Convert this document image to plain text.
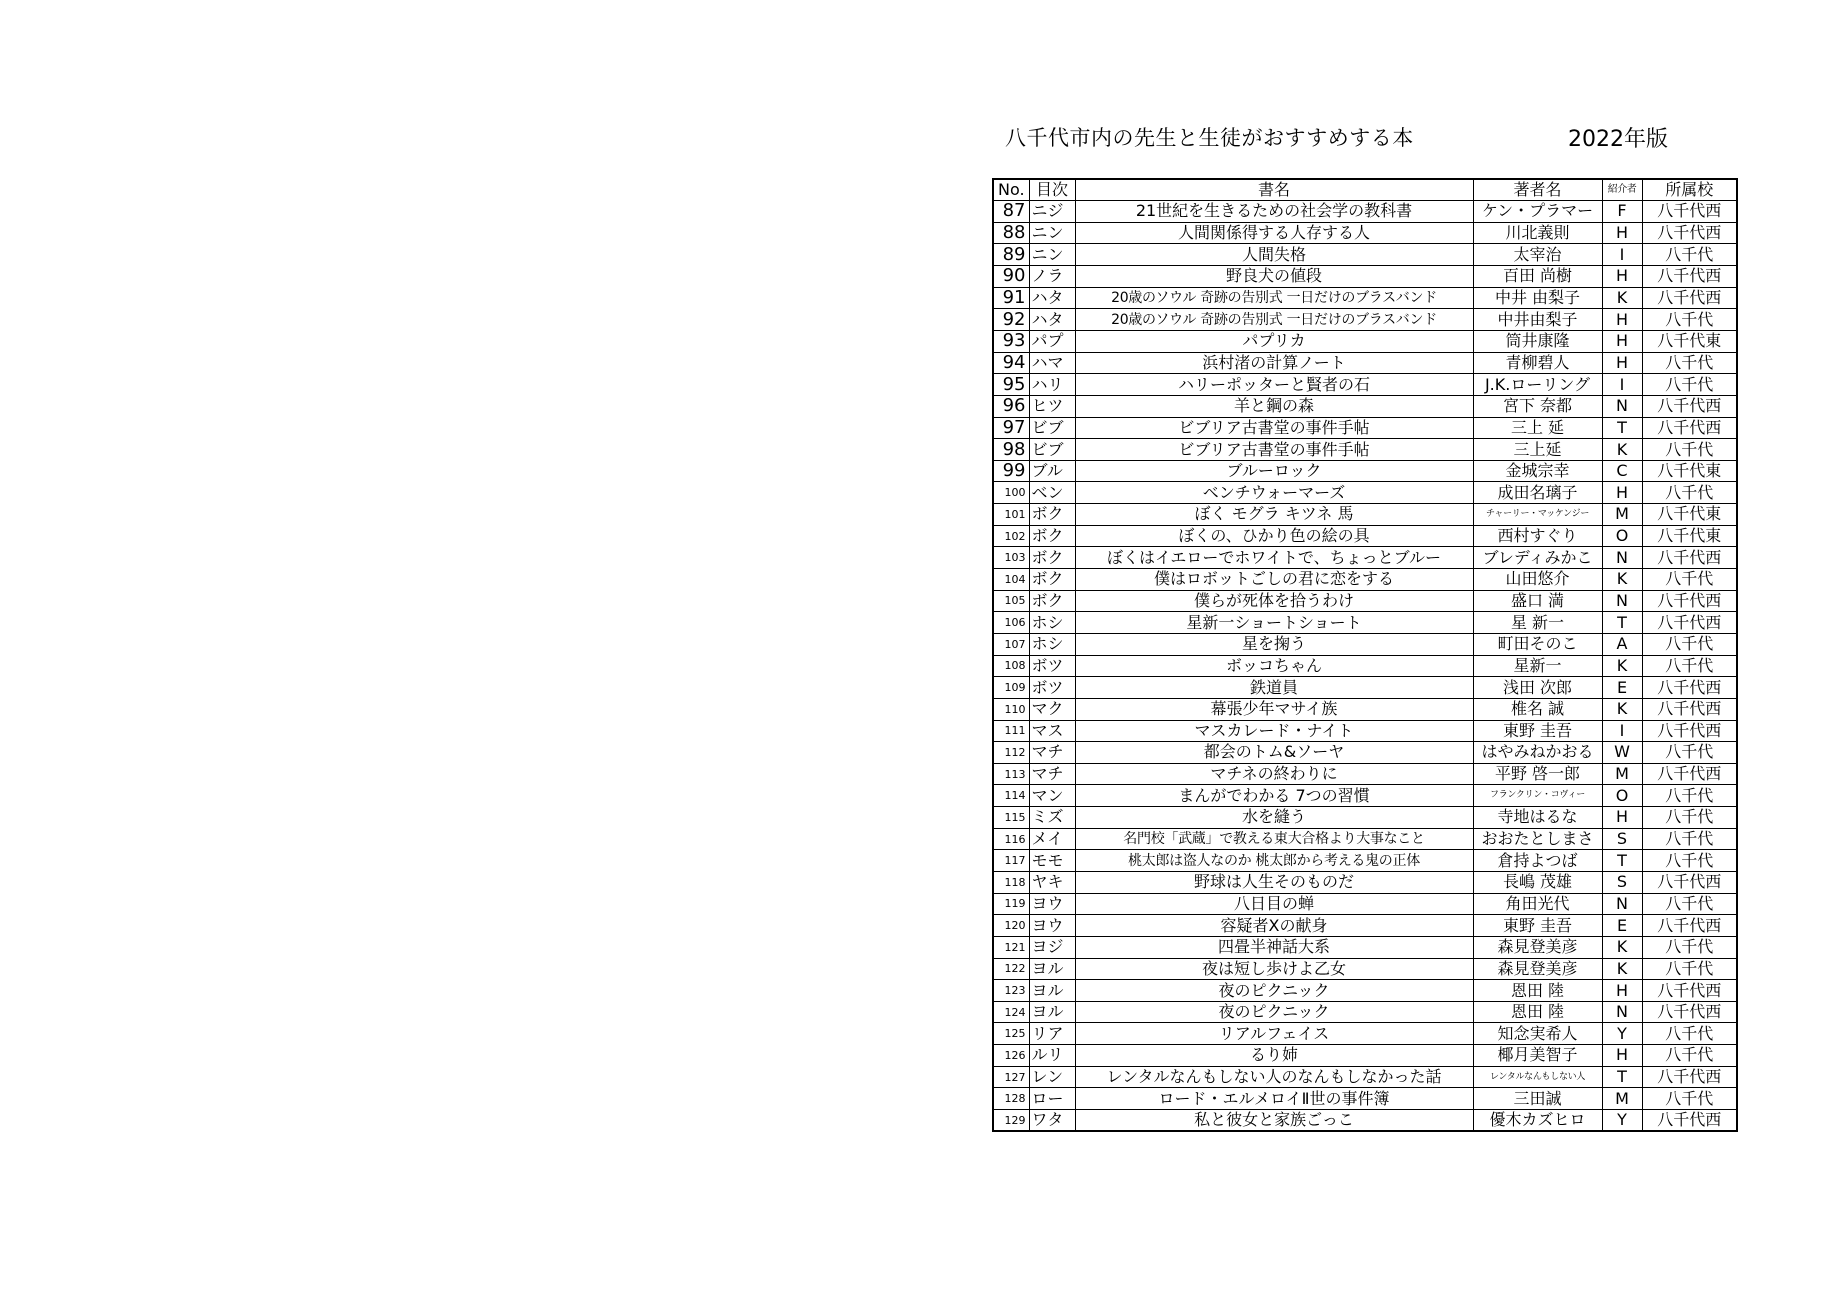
八千代市内の先生と生徒がおすすめする本	2022年版
No.	目次	書名	著者名	紹介者	所属校
87	ニジ	21世紀を生きるための社会学の教科書	ケン・プラマー	F	八千代西
88	ニン	人間関係得する人存する人	川北義則	H	八千代西
89	ニン	人間失格	太宰治	I	八千代
90	ノラ	野良犬の値段	百田 尚樹	H	八千代西
91	ハタ	20歳のソウル 奇跡の告別式 一日だけのブラスバンド	中井 由梨子	K	八千代西
92	ハタ	20歳のソウル 奇跡の告別式 一日だけのブラスバンド	中井由梨子	H	八千代
93	パプ	パプリカ	筒井康隆	H	八千代東
94	ハマ	浜村渚の計算ノート	青柳碧人	H	八千代
95	ハリ	ハリーポッターと賢者の石	J.K.ローリング	I	八千代
96	ヒツ	羊と鋼の森	宮下 奈都	N	八千代西
97	ビブ	ビブリア古書堂の事件手帖	三上 延	T	八千代西
98	ビブ	ビブリア古書堂の事件手帖	三上延	K	八千代
99	ブル	ブルーロック	金城宗幸	C	八千代東
100	ベン	ベンチウォーマーズ	成田名璃子	H	八千代
101	ボク	ぼく モグラ キツネ 馬	チャーリー・マッケンジー	M	八千代東
102	ボク	ぼくの、ひかり色の絵の具	西村すぐり	O	八千代東
103	ボク	ぼくはイエローでホワイトで、ちょっとブルー	ブレディみかこ	N	八千代西
104	ボク	僕はロボットごしの君に恋をする	山田悠介	K	八千代
105	ボク	僕らが死体を拾うわけ	盛口 満	N	八千代西
106	ホシ	星新一ショートショート	星 新一	T	八千代西
107	ホシ	星を掬う	町田そのこ	A	八千代
108	ボツ	ボッコちゃん	星新一	K	八千代
109	ボツ	鉄道員	浅田 次郎	E	八千代西
110	マク	幕張少年マサイ族	椎名 誠	K	八千代西
111	マス	マスカレード・ナイト	東野 圭吾	I	八千代西
112	マチ	都会のトム&ソーヤ	はやみねかおる	W	八千代
113	マチ	マチネの終わりに	平野 啓一郎	M	八千代西
114	マン	まんがでわかる 7つの習慣	フランクリン・コヴィー	O	八千代
115	ミズ	水を縫う	寺地はるな	H	八千代
116	メイ	名門校「武蔵」で教える東大合格より大事なこと	おおたとしまさ	S	八千代
117	モモ	桃太郎は盗人なのか 桃太郎から考える鬼の正体	倉持よつば	T	八千代
118	ヤキ	野球は人生そのものだ	長嶋 茂雄	S	八千代西
119	ヨウ	八日目の蝉	角田光代	N	八千代
120	ヨウ	容疑者Xの献身	東野 圭吾	E	八千代西
121	ヨジ	四畳半神話大系	森見登美彦	K	八千代
122	ヨル	夜は短し歩けよ乙女	森見登美彦	K	八千代
123	ヨル	夜のピクニック	恩田 陸	H	八千代西
124	ヨル	夜のピクニック	恩田 陸	N	八千代西
125	リア	リアルフェイス	知念実希人	Y	八千代
126	ルリ	るり姉	椰月美智子	H	八千代
127	レン	レンタルなんもしない人のなんもしなかった話	レンタルなんもしない人	T	八千代西
128	ロー	ロード・エルメロイⅡ世の事件簿	三田誠	M	八千代
129	ワタ	私と彼女と家族ごっこ	優木カズヒロ	Y	八千代西
